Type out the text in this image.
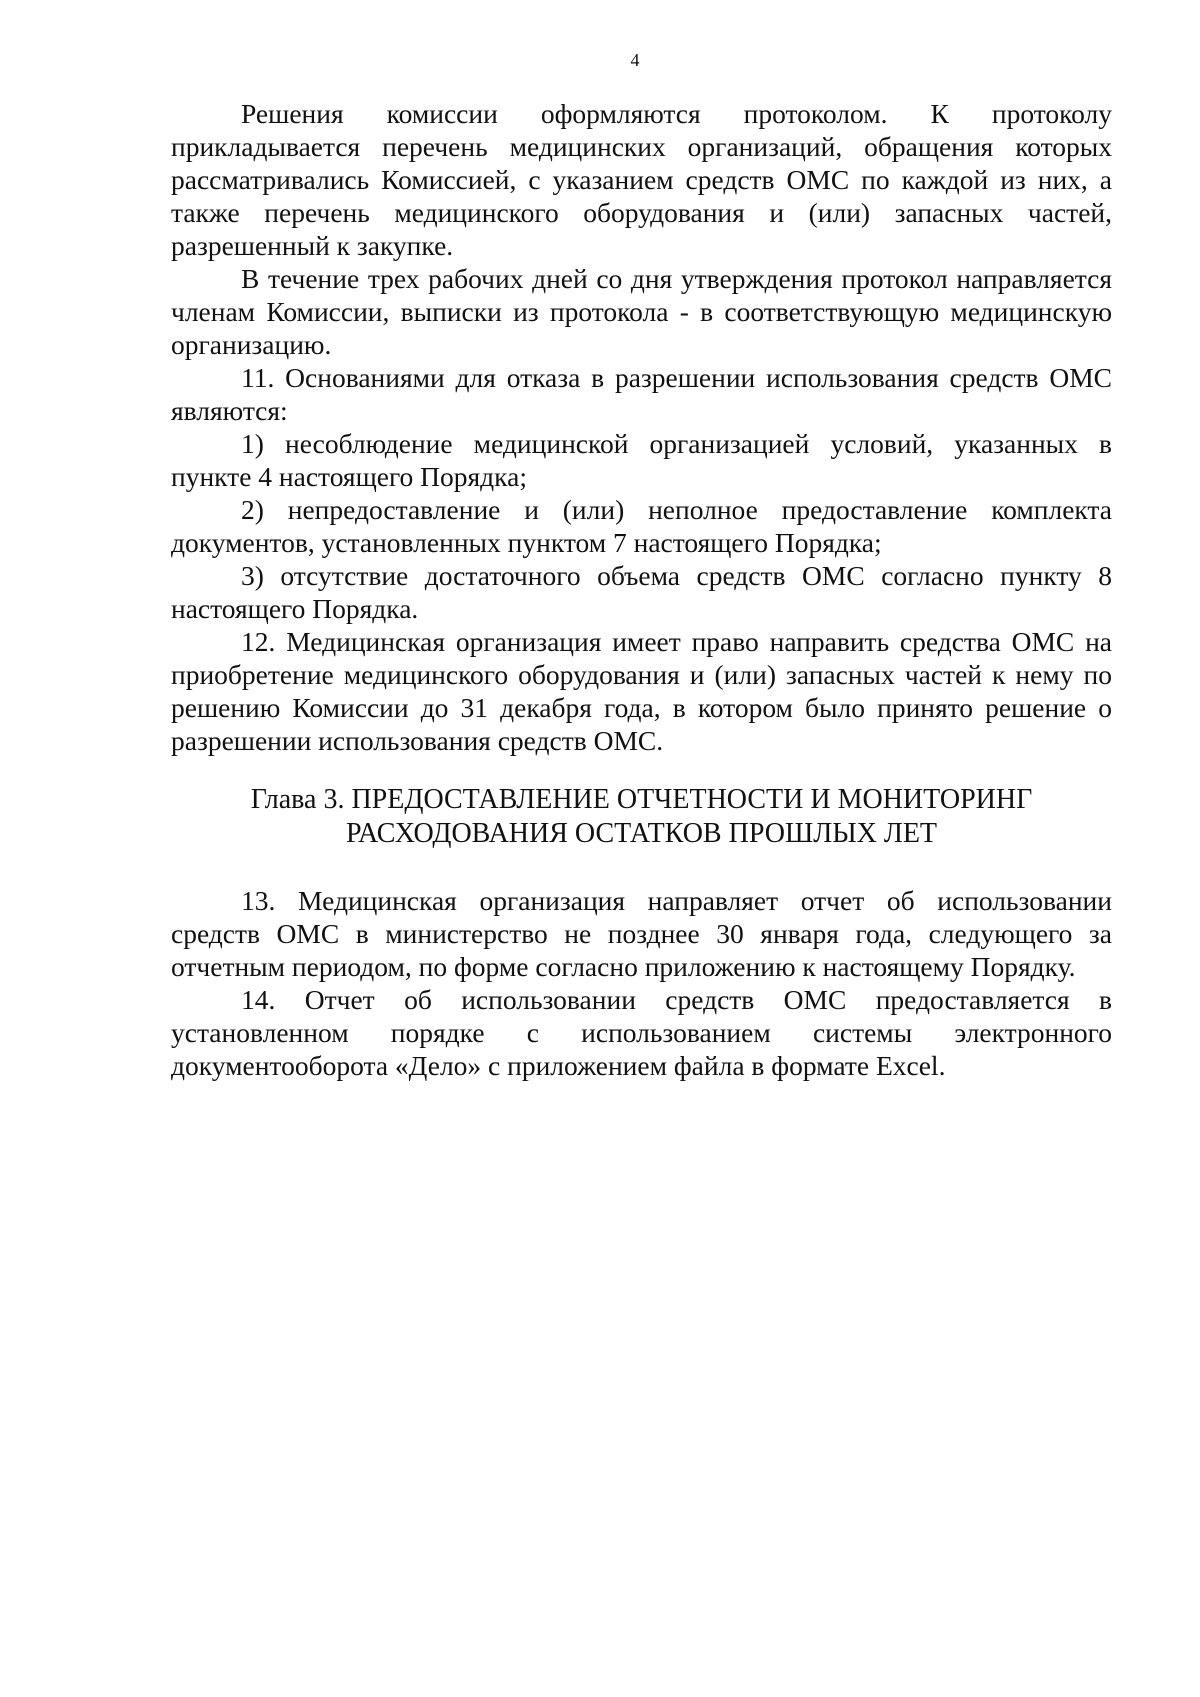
4

Решения комиссии оформляются протоколом. К протоколу прикладывается перечень медицинских организаций, обращения которых рассматривались Комиссией, с указанием средств ОМС по каждой из них, а также перечень медицинского оборудования и (или) запасных частей, разрешенный к закупке.

В течение трех рабочих дней со дня утверждения протокол направляется членам Комиссии, выписки из протокола - в соответствующую медицинскую организацию.

11. Основаниями для отказа в разрешении использования средств ОМС являются:

1) несоблюдение медицинской организацией условий, указанных в пункте 4 настоящего Порядка;

2) непредоставление и (или) неполное предоставление комплекта документов, установленных пунктом 7 настоящего Порядка;

3) отсутствие достаточного объема средств ОМС согласно пункту 8 настоящего Порядка.

12. Медицинская организация имеет право направить средства ОМС на приобретение медицинского оборудования и (или) запасных частей к нему по решению Комиссии до 31 декабря года, в котором было принято решение о разрешении использования средств ОМС.

Глава 3. ПРЕДОСТАВЛЕНИЕ ОТЧЕТНОСТИ И МОНИТОРИНГ
РАСХОДОВАНИЯ ОСТАТКОВ ПРОШЛЫХ ЛЕТ

13. Медицинская организация направляет отчет об использовании средств ОМС в министерство не позднее 30 января года, следующего за отчетным периодом, по форме согласно приложению к настоящему Порядку.

14. Отчет об использовании средств ОМС предоставляется в установленном порядке с использованием системы электронного документооборота «Дело» с приложением файла в формате Excel.
